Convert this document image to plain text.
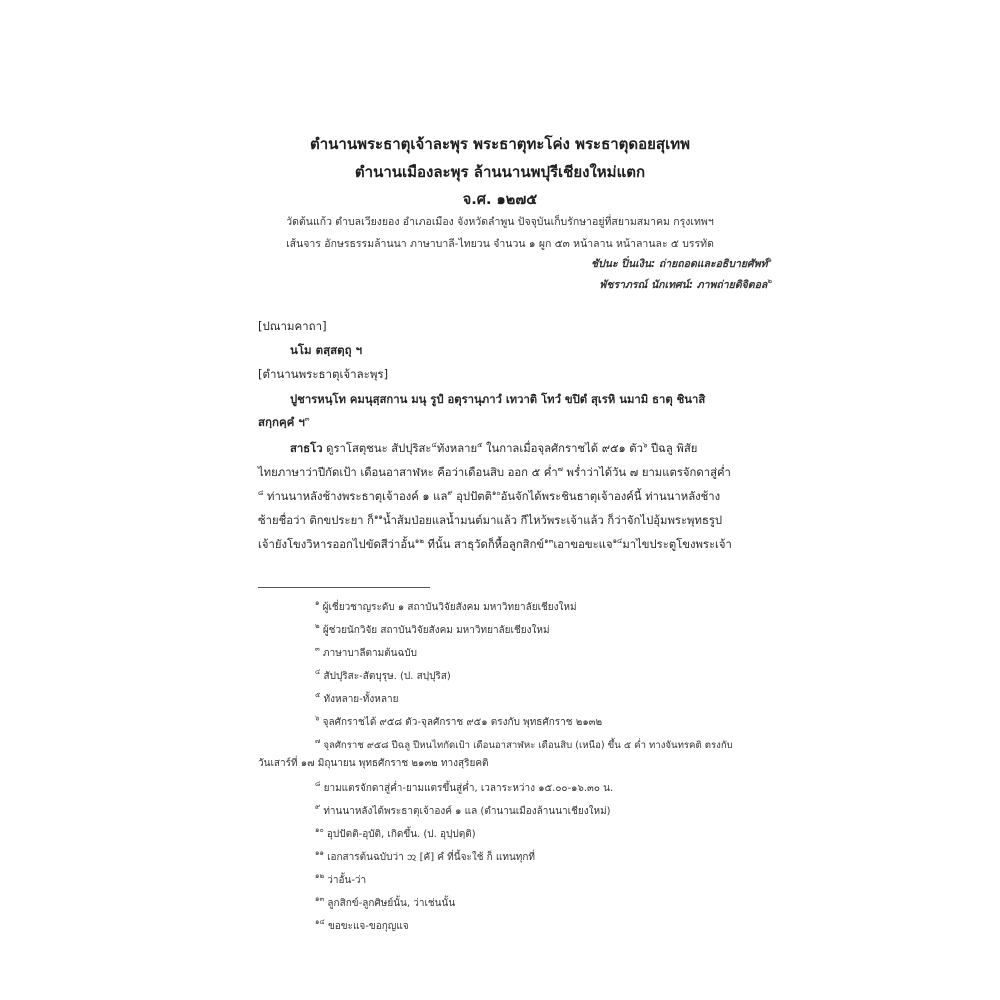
ตำนานพระธาตุเจ้าละพุร พระธาตุทะโค่ง พระธาตุดอยสุเทพ
ตำนานเมืองละพุร ล้านนานพปุรีเชียงใหม่แตก
จ.ศ. ๑๒๗๕
วัดต้นแก้ว ตำบลเวียงยอง อำเภอเมือง จังหวัดลำพูน ปัจจุบันเก็บรักษาอยู่ที่สยามสมาคม กรุงเทพฯ
เส้นจาร อักษรธรรมล้านนา ภาษาบาลี-ไทยวน จำนวน ๑ ผูก ๕๓ หน้าลาน หน้าลานละ ๕ บรรทัด
ชัปนะ ปิ่นเงิน: ถ่ายถอดและอธิบายศัพท์$^๑$
พัชราภรณ์ นักเทศน์: ภาพถ่ายดิจิตอล$^๒$
[ปณามคาถา]
นโม ตสฺสตฺถุ ฯ
[ตำนานพระธาตุเจ้าละพุร]
ปูชารหนฺโท คมนุสฺสกาน มนุ รูปํ อตุรานุภาวํ เทวาติ โทวํ ขปิตํ สุเรหิ นมามิ ธาตุ ชินาสิ
สกฺกคฺคํ ฯ$^๓$
สาธโว ดูราโสตุชนะ สัปปุริสะ$^๔$ทังหลาย$^๕$ ในกาลเมื่อจุลศักราชได้ ๙๕๑ ตัว$^๖$ ปีฉลู พิสัย
ไทยภาษาว่าปีกัดเป้า เดือนอาสาฬหะ คือว่าเดือนสิบ ออก ๕ ค่ำ$^๗$ พร่ำว่าได้วัน ๗ ยามแตรจักดาสู่ค่ำ
$^๘$ ท่านนาหลังช้างพระธาตุเจ้าองค์ ๑ แล$^๙$ อุปปัตติ$^{๑๐}$อันจักได้พระชินธาตุเจ้าองค์นี้ ท่านนาหลังช้าง
ซ้ายชื่อว่า ติกขประยา ก็$^{๑๑}$น้ำส้มป่อยแลน้ำมนต์มาแล้ว กีไหว้พระเจ้าแล้ว ก็ว่าจักไปอุ้มพระพุทธรูป
เจ้ายังโขงวิหารออกไปขัดสีว่าอั้น$^{๑๒}$ ทีนั้น สาธุวัดก็หื้อลูกสิกข์$^{๑๓}$เอาขอขะแจ$^{๑๔}$มาไขประตูโขงพระเจ้า
$^๑$ ผู้เชี่ยวชาญระดับ ๑ สถาบันวิจัยสังคม มหาวิทยาลัยเชียงใหม่
$^๒$ ผู้ช่วยนักวิจัย สถาบันวิจัยสังคม มหาวิทยาลัยเชียงใหม่
$^๓$ ภาษาบาลีตามต้นฉบับ
$^๔$ สัปปุริสะ-สัตบุรุษ. (ป. สปฺปุริส)
$^๕$ ทังหลาย-ทั้งหลาย
$^๖$ จุลศักราชได้ ๙๕๘ ตัว-จุลศักราช ๙๕๑ ตรงกับ พุทธศักราช ๒๑๓๒
$^๗$ จุลศักราช ๙๕๘ ปีฉลู ปีหนไทกัดเป้า เดือนอาสาฬหะ เดือนสิบ (เหนือ) ขึ้น ๕ ค่ำ ทางจันทรคติ ตรงกับ
วันเสาร์ที่ ๑๗ มิถุนายน พุทธศักราช ๒๑๓๒ ทางสุริยคติ
$^๘$ ยามแตรจักดาสู่ค่ำ-ยามแตรขึ้นสู่ค่ำ, เวลาระหว่าง ๑๕.๐๐-๑๖.๓๐ น.
$^๙$ ท่านนาหลังได้พระธาตุเจ้าองค์ ๑ แล (ตำนานเมืองล้านนาเชียงใหม่)
$^{๑๐}$ อุปปัตติ-อุบัติ, เกิดขึ้น. (ป. อุปฺปตฺติ)
$^{๑๑}$ เอกสารต้นฉบับว่า ᩋ [คั] คํ ที่นี้จะใช้ ก็ แทนทุกที่
$^{๑๒}$ ว่าอั้น-ว่า
$^{๑๓}$ ลูกสิกข์-ลูกศิษย์นั้น, ว่าเช่นนั้น
$^{๑๔}$ ขอขะแจ-ขอกุญแจ
